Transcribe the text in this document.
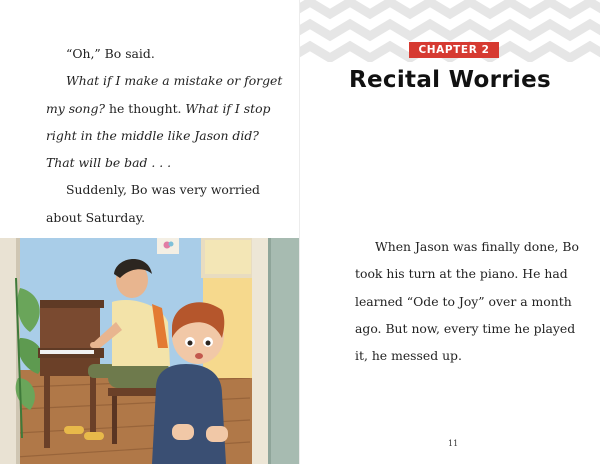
“Oh,” Bo said.

What if I make a mistake or forget my song? he thought. What if I stop right in the middle like Jason did? That will be bad . . .

Suddenly, Bo was very worried about Saturday.

CHAPTER 2
Recital Worries

When Jason was finally done, Bo took his turn at the piano. He had learned “Ode to Joy” over a month ago. But now, every time he played it, he messed up.

11
